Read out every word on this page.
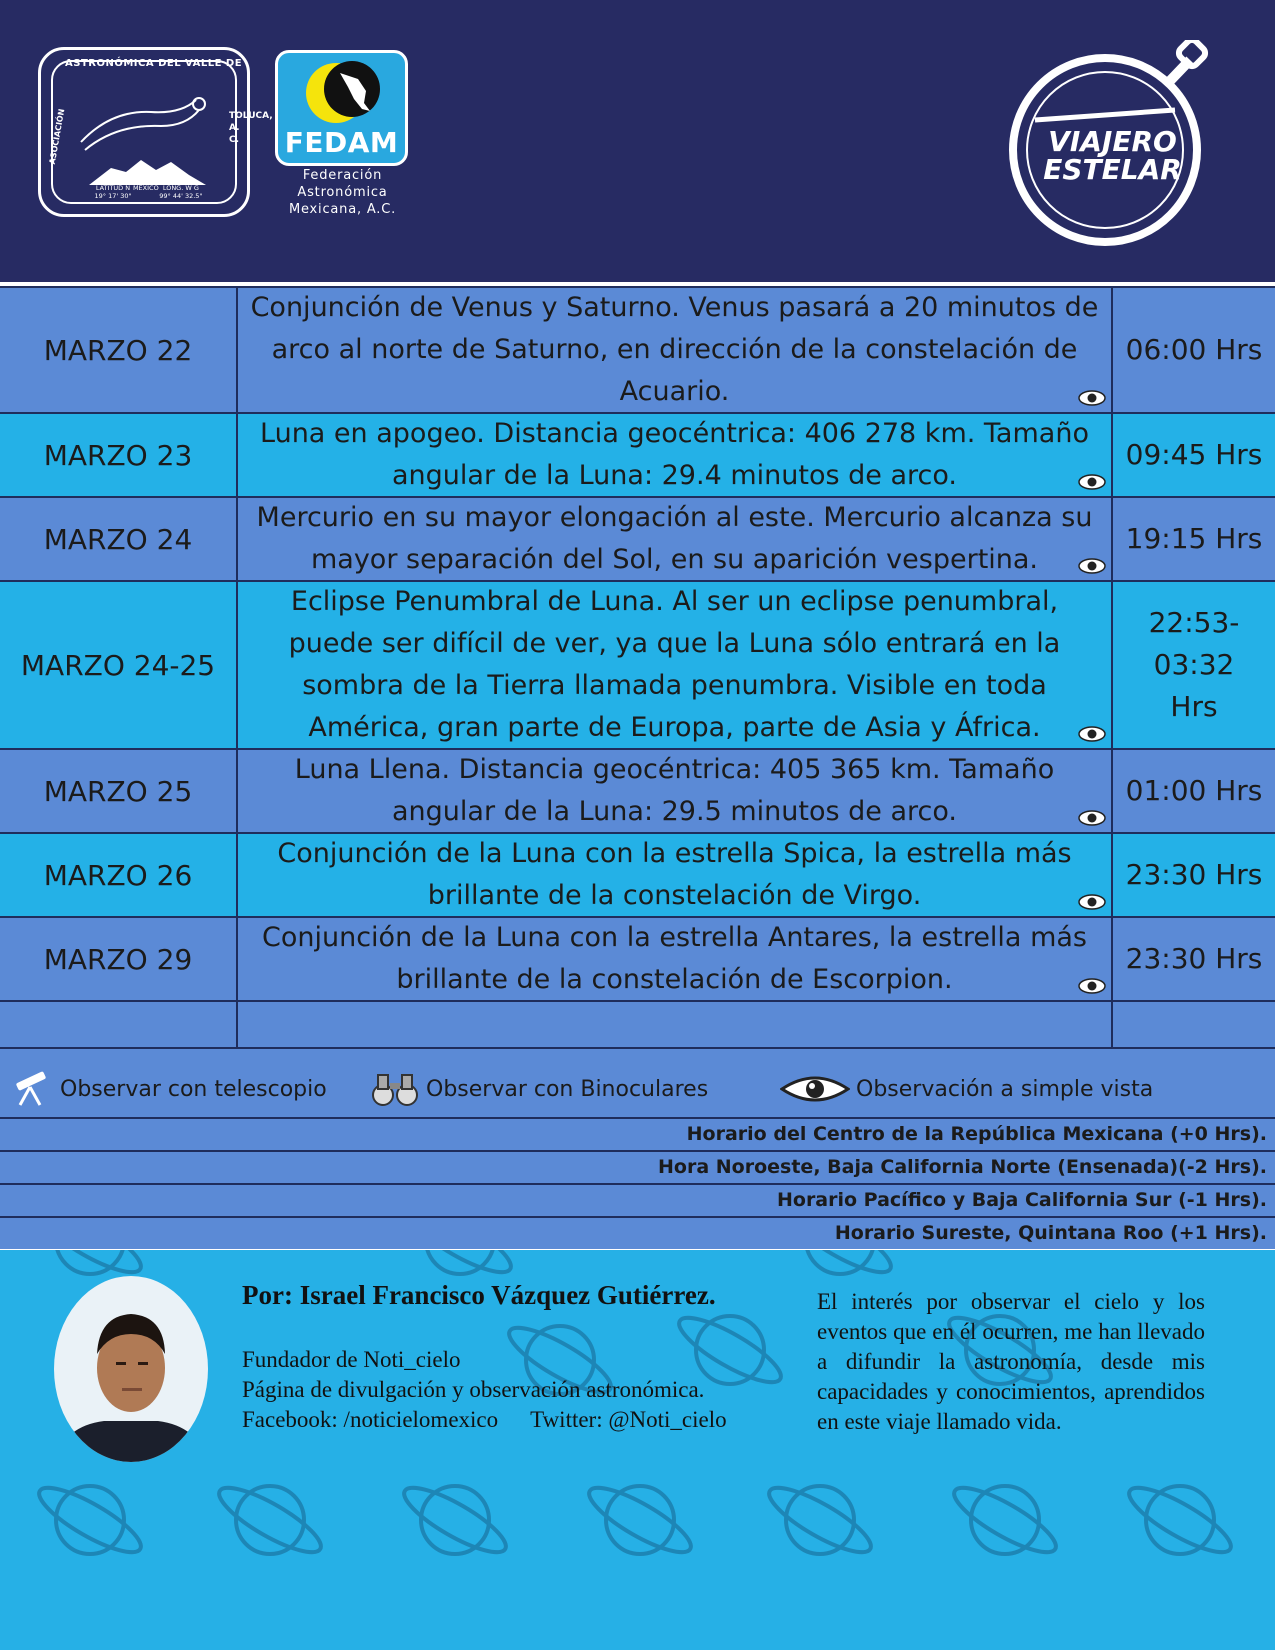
ASTRONÓMICA DEL VALLE DE
ASOCIACIÓN	TOLUCA, A. C.
FUNDADA EN 1984
LATITUD N 19° 17' 30"
MEXICO LONG. W G 99° 44' 32.5"
FEDAM
Federación
Astronómica
Mexicana, A.C.
VIAJERO
ESTELAR
MARZO 22
Conjunción de Venus y Saturno. Venus pasará a 20 minutos de arco al norte de Saturno, en dirección de la constelación de Acuario.
06:00 Hrs
MARZO 23
Luna en apogeo. Distancia geocéntrica: 406 278 km. Tamaño angular de la Luna: 29.4 minutos de arco.
09:45 Hrs
MARZO 24
Mercurio en su mayor elongación al este. Mercurio alcanza su mayor separación del Sol, en su aparición vespertina.
19:15 Hrs
MARZO 24-25
Eclipse Penumbral de Luna. Al ser un eclipse penumbral, puede ser difícil de ver, ya que la Luna sólo entrará en la sombra de la Tierra llamada penumbra. Visible en toda América, gran parte de Europa, parte de Asia y África.
22:53-03:32 Hrs
MARZO 25
Luna Llena. Distancia geocéntrica: 405 365 km. Tamaño angular de la Luna: 29.5 minutos de arco.
01:00 Hrs
MARZO 26
Conjunción de la Luna con la estrella Spica, la estrella más brillante de la constelación de Virgo.
23:30 Hrs
MARZO 29
Conjunción de la Luna con la estrella Antares, la estrella más brillante de la constelación de Escorpion.
23:30 Hrs
Observar con telescopio	Observar con Binoculares	Observación a simple vista
Horario del Centro de la República Mexicana (+0 Hrs).
Hora Noroeste, Baja California Norte (Ensenada)(-2 Hrs).
Horario Pacífico y Baja California Sur (-1 Hrs).
Horario Sureste, Quintana Roo (+1 Hrs).
Por: Israel Francisco Vázquez Gutiérrez.
Fundador de Noti_cielo
Página de divulgación y observación astronómica.
Facebook: /noticielomexico Twitter: @Noti_cielo
El interés por observar el cielo y los eventos que en él ocurren, me han llevado a difundir la astronomía, desde mis capacidades y conocimientos, aprendidos en este viaje llamado vida.
